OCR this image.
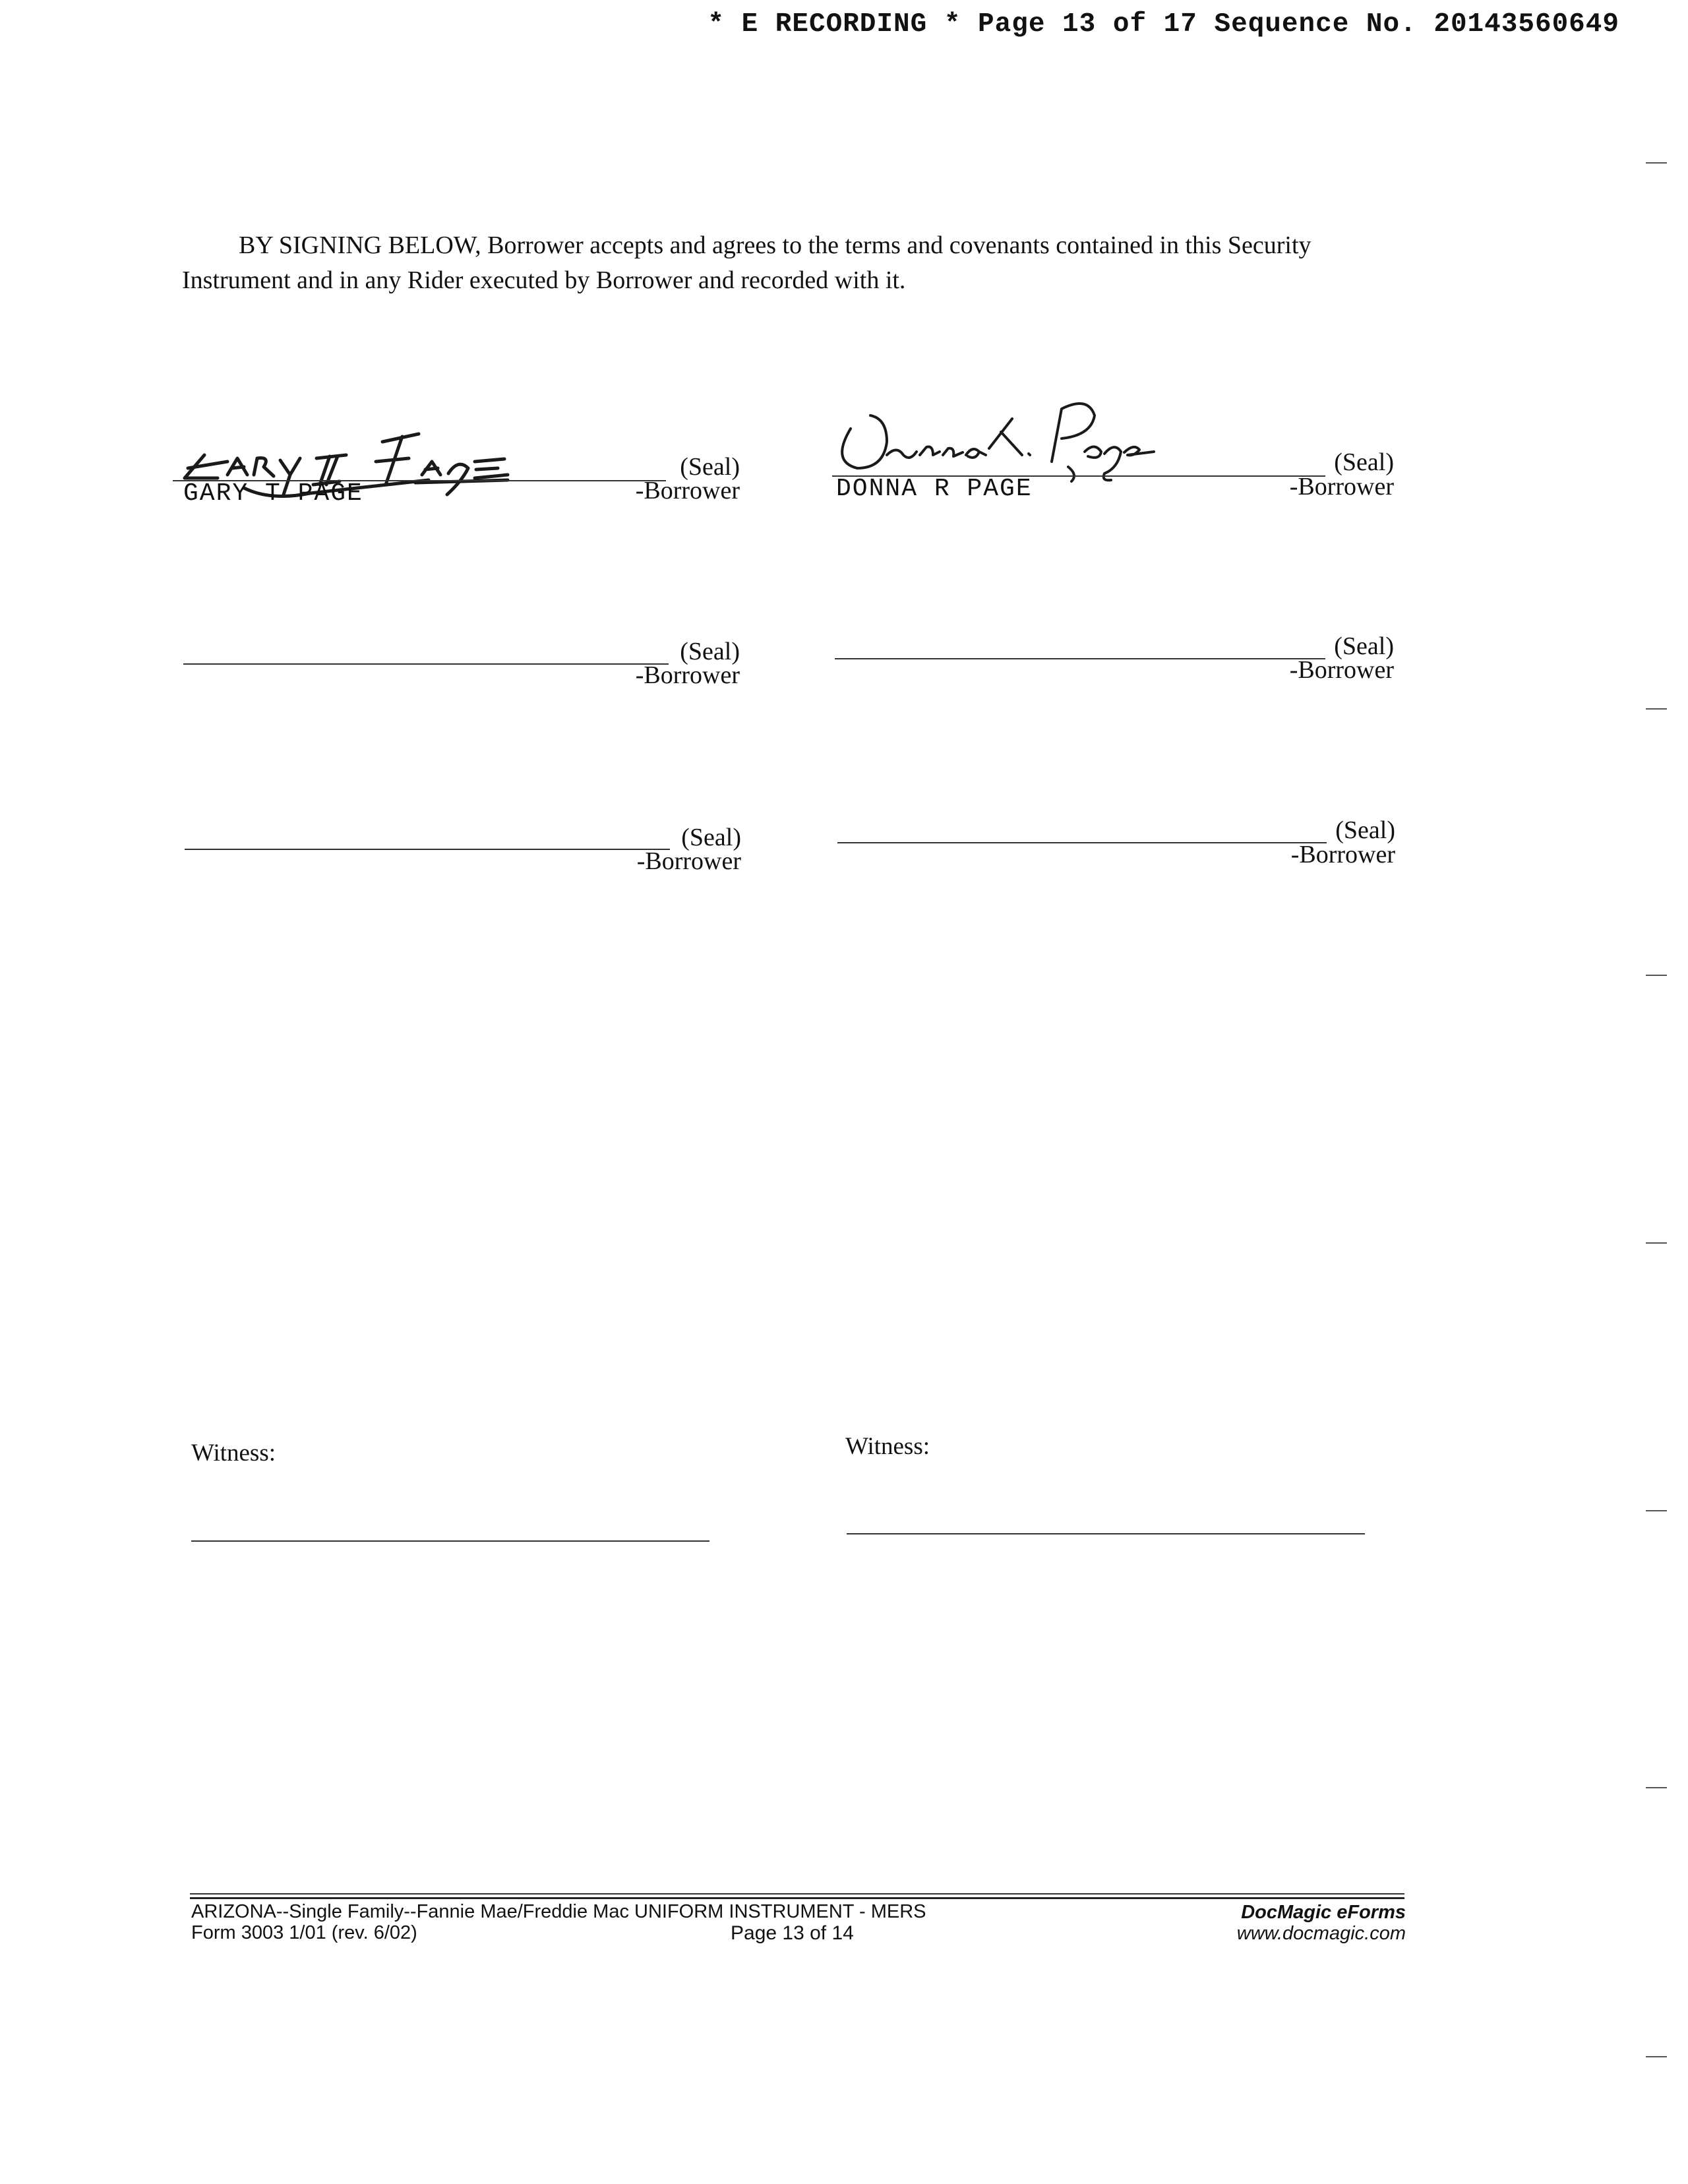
* E RECORDING * Page 13 of 17 Sequence No. 20143560649
BY SIGNING BELOW, Borrower accepts and agrees to the terms and covenants contained in this Security Instrument and in any Rider executed by Borrower and recorded with it.
(Seal)
GARY T PAGE	-Borrower
(Seal)
DONNA R PAGE	-Borrower
(Seal)
-Borrower
(Seal)
-Borrower
(Seal)
-Borrower
(Seal)
-Borrower
Witness:	Witness:
ARIZONA--Single Family--Fannie Mae/Freddie Mac UNIFORM INSTRUMENT - MERS
Form 3003 1/01 (rev. 6/02)	Page 13 of 14
DocMagic eForms
www.docmagic.com
